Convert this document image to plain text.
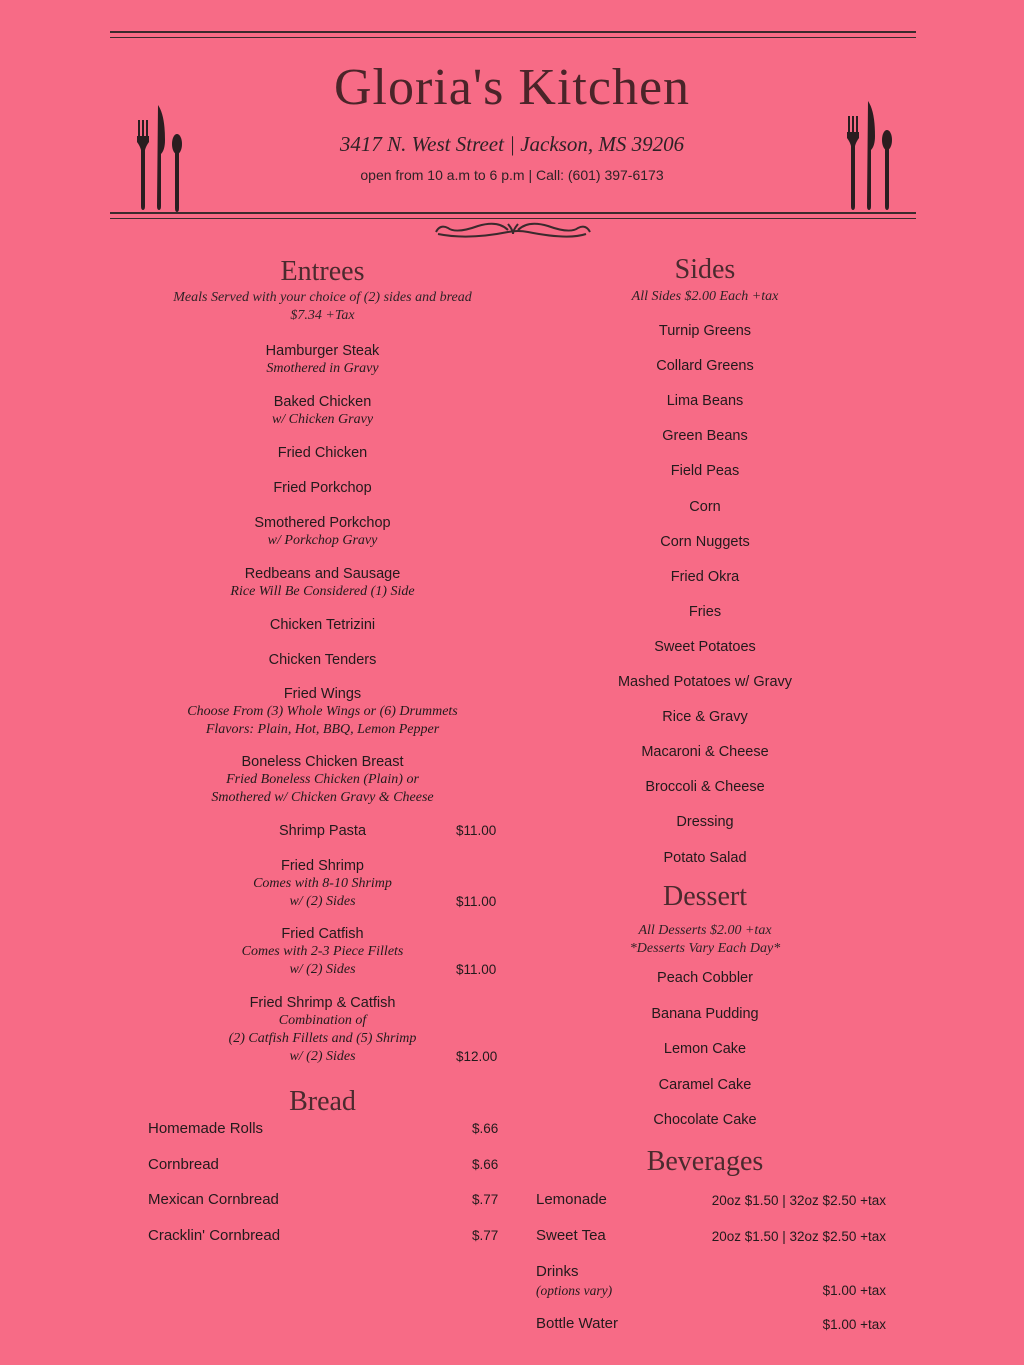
Gloria's Kitchen
3417 N. West Street | Jackson, MS 39206
open from 10 a.m to 6 p.m | Call: (601) 397-6173
Entrees
Meals Served with your choice of (2) sides and bread
$7.34 +Tax
Hamburger Steak
Smothered in Gravy
Baked Chicken
w/ Chicken Gravy
Fried Chicken
Fried Porkchop
Smothered Porkchop
w/ Porkchop Gravy
Redbeans and Sausage
Rice Will Be Considered (1) Side
Chicken Tetrizini
Chicken Tenders
Fried Wings
Choose From (3) Whole Wings or (6) Drummets
Flavors: Plain, Hot, BBQ, Lemon Pepper
Boneless Chicken Breast
Fried Boneless Chicken (Plain) or
Smothered w/ Chicken Gravy & Cheese
Shrimp Pasta	$11.00
Fried Shrimp
Comes with 8-10 Shrimp
w/ (2) Sides	$11.00
Fried Catfish
Comes with 2-3 Piece Fillets
w/ (2) Sides	$11.00
Fried Shrimp & Catfish
Combination of
(2) Catfish Fillets and (5) Shrimp
w/ (2) Sides	$12.00
Bread
Homemade Rolls	$.66
Cornbread	$.66
Mexican Cornbread	$.77
Cracklin' Cornbread	$.77
Sides
All Sides $2.00 Each +tax
Turnip Greens
Collard Greens
Lima Beans
Green Beans
Field Peas
Corn
Corn Nuggets
Fried Okra
Fries
Sweet Potatoes
Mashed Potatoes w/ Gravy
Rice & Gravy
Macaroni & Cheese
Broccoli & Cheese
Dressing
Potato Salad
Dessert
All Desserts $2.00 +tax
*Desserts Vary Each Day*
Peach Cobbler
Banana Pudding
Lemon Cake
Caramel Cake
Chocolate Cake
Beverages
Lemonade	20oz $1.50 | 32oz $2.50 +tax
Sweet Tea	20oz $1.50 | 32oz $2.50 +tax
Drinks
(options vary)	$1.00 +tax
Bottle Water	$1.00 +tax
